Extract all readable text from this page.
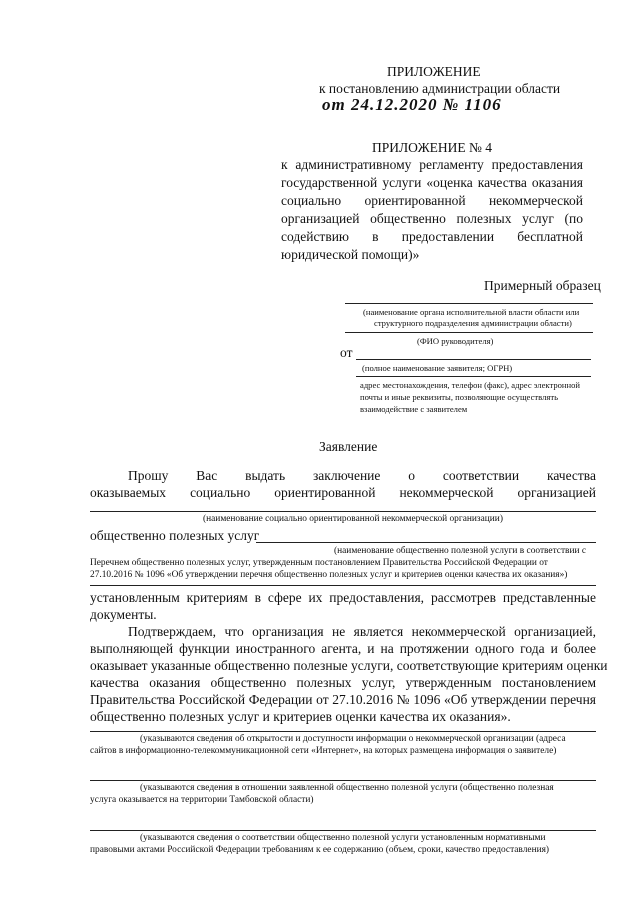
ПРИЛОЖЕНИЕ
к постановлению администрации области
от 24.12.2020 № 1106
ПРИЛОЖЕНИЕ № 4
к административному регламенту предоставления
государственной услуги «оценка качества оказания
социально ориентированной некоммерческой
организацией общественно полезных услуг (по
содействию в предоставлении бесплатной
юридической помощи)»
Примерный образец
(наименование органа исполнительной власти области или
структурного подразделения администрации области)
(ФИО руководителя)
от
(полное наименование заявителя; ОГРН)
адрес местонахождения, телефон (факс), адрес электронной
почты и иные реквизиты, позволяющие осуществлять
взаимодействие с заявителем
Заявление
Прошу Вас выдать заключение о соответствии качества
оказываемых социально ориентированной некоммерческой организацией
(наименование социально ориентированной некоммерческой организации)
общественно полезных услуг
(наименование общественно полезной услуги в соответствии с
Перечнем общественно полезных услуг, утвержденным постановлением Правительства Российской Федерации от
27.10.2016 № 1096 «Об утверждении перечня общественно полезных услуг и критериев оценки качества их оказания»)
установленным критериям в сфере их предоставления, рассмотрев представленные
документы.
Подтверждаем, что организация не является некоммерческой организацией,
выполняющей функции иностранного агента, и на протяжении одного года и более
оказывает указанные общественно полезные услуги, соответствующие критериям оценки
качества оказания общественно полезных услуг, утвержденным постановлением
Правительства Российской Федерации от 27.10.2016 № 1096 «Об утверждении перечня
общественно полезных услуг и критериев оценки качества их оказания».
(указываются сведения об открытости и доступности информации о некоммерческой организации (адреса
сайтов в информационно-телекоммуникационной сети «Интернет», на которых размещена информация о заявителе)
(указываются сведения в отношении заявленной общественно полезной услуги (общественно полезная
услуга оказывается на территории Тамбовской области)
(указываются сведения о соответствии общественно полезной услуги установленным нормативными
правовыми актами Российской Федерации требованиям к ее содержанию (объем, сроки, качество предоставления)
